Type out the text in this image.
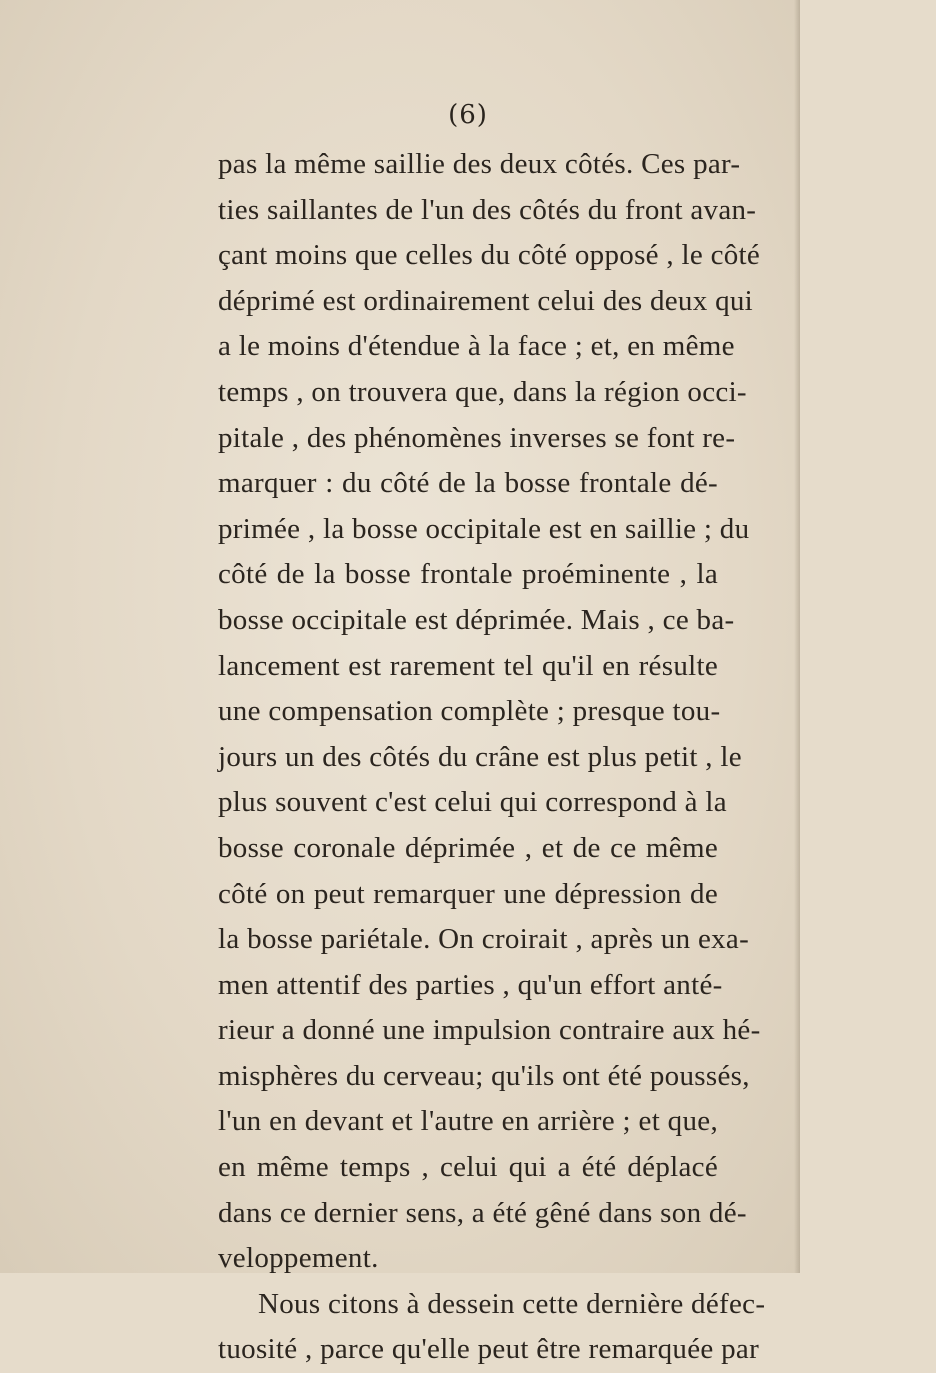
(6)
pas la même saillie des deux côtés. Ces par-
ties saillantes de l'un des côtés du front avan-
çant moins que celles du côté opposé , le côté
déprimé est ordinairement celui des deux qui
a le moins d'étendue à la face ; et, en même
temps , on trouvera que, dans la région occi-
pitale , des phénomènes inverses se font re-
marquer : du côté de la bosse frontale dé-
primée , la bosse occipitale est en saillie ; du
côté de la bosse frontale proéminente , la
bosse occipitale est déprimée. Mais , ce ba-
lancement est rarement tel qu'il en résulte
une compensation complète ; presque tou-
jours un des côtés du crâne est plus petit , le
plus souvent c'est celui qui correspond à la
bosse coronale déprimée , et de ce même
côté on peut remarquer une dépression de
la bosse pariétale. On croirait , après un exa-
men attentif des parties , qu'un effort anté-
rieur a donné une impulsion contraire aux hé-
misphères du cerveau; qu'ils ont été poussés,
l'un en devant et l'autre en arrière ; et que,
en même temps , celui qui a été déplacé
dans ce dernier sens, a été gêné dans son dé-
veloppement.
Nous citons à dessein cette dernière défec-
tuosité , parce qu'elle peut être remarquée par
